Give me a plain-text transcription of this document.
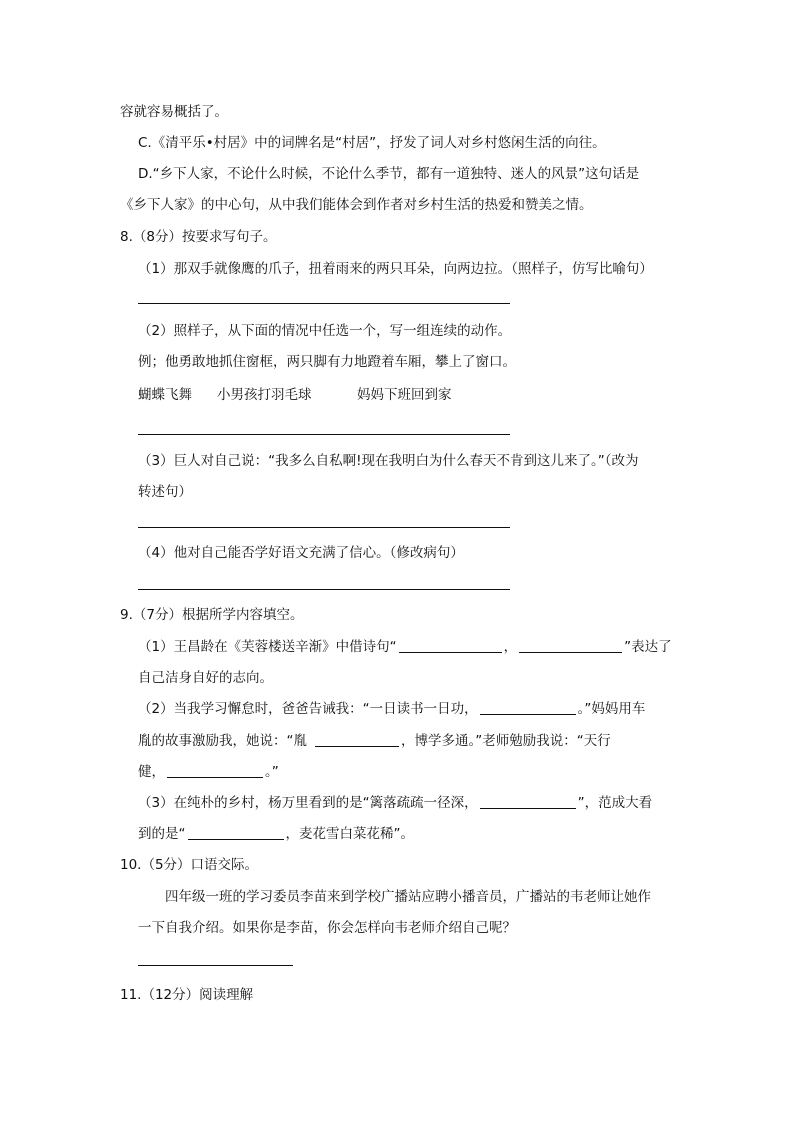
容就容易概括了。
C.《清平乐•村居》中的词牌名是“村居”，抒发了词人对乡村悠闲生活的向往。
D.“乡下人家，不论什么时候，不论什么季节，都有一道独特、迷人的风景”这句话是
《乡下人家》的中心句，从中我们能体会到作者对乡村生活的热爱和赞美之情。
8.（8分）按要求写句子。
（1）那双手就像鹰的爪子，扭着雨来的两只耳朵，向两边拉。（照样子，仿写比喻句）
（2）照样子，从下面的情况中任选一个，写一组连续的动作。
例；他勇敢地抓住窗框，两只脚有力地蹬着车厢，攀上了窗口。
蝴蝶飞舞 小男孩打羽毛球	妈妈下班回到家
（3）巨人对自己说：“我多么自私啊!现在我明白为什么春天不肯到这儿来了。”（改为
转述句）
（4）他对自己能否学好语文充满了信心。（修改病句）
9.（7分）根据所学内容填空。
（1）王昌龄在《芙蓉楼送辛渐》中借诗句“	，	”表达了
自己洁身自好的志向。
（2）当我学习懈怠时，爸爸告诫我：“一日读书一日功，	。”妈妈用车
胤的故事激励我，她说：“胤	，博学多通。”老师勉励我说：“天行
健，	。”
（3）在纯朴的乡村，杨万里看到的是“篱落疏疏一径深，	”，范成大看
到的是“	，麦花雪白菜花稀”。
10.（5分）口语交际。
四年级一班的学习委员李苗来到学校广播站应聘小播音员，广播站的韦老师让她作
一下自我介绍。如果你是李苗，你会怎样向韦老师介绍自己呢？
11.（12分）阅读理解
